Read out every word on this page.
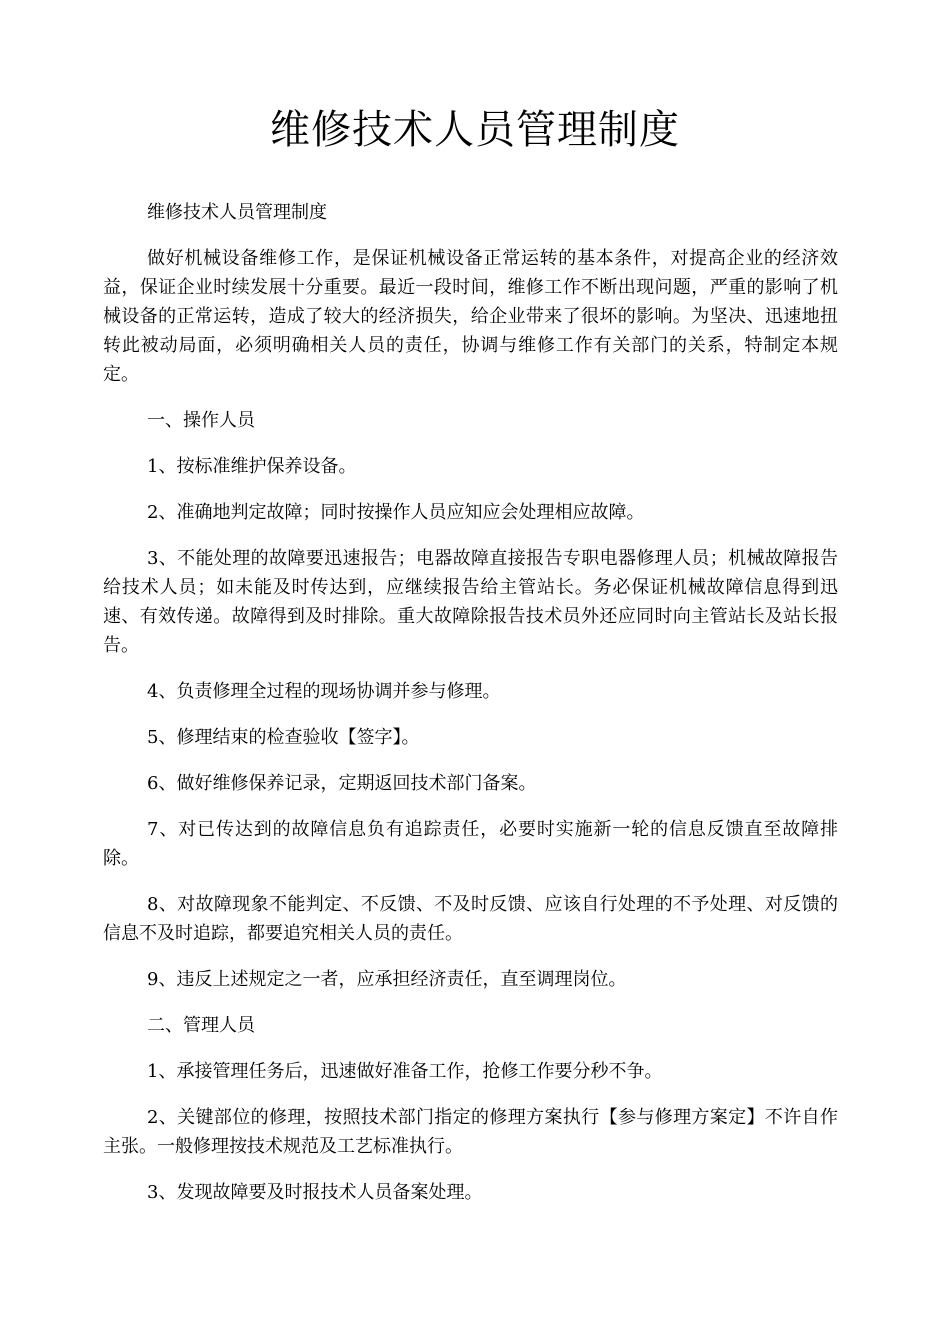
维修技术人员管理制度

维修技术人员管理制度

做好机械设备维修工作，是保证机械设备正常运转的基本条件，对提高企业的经济效益，保证企业时续发展十分重要。最近一段时间，维修工作不断出现问题，严重的影响了机械设备的正常运转，造成了较大的经济损失，给企业带来了很坏的影响。为坚决、迅速地扭转此被动局面，必须明确相关人员的责任，协调与维修工作有关部门的关系，特制定本规定。

一、操作人员

1、按标准维护保养设备。

2、准确地判定故障；同时按操作人员应知应会处理相应故障。

3、不能处理的故障要迅速报告；电器故障直接报告专职电器修理人员；机械故障报告给技术人员；如未能及时传达到，应继续报告给主管站长。务必保证机械故障信息得到迅速、有效传递。故障得到及时排除。重大故障除报告技术员外还应同时向主管站长及站长报告。

4、负责修理全过程的现场协调并参与修理。

5、修理结束的检查验收【签字】。

6、做好维修保养记录，定期返回技术部门备案。

7、对已传达到的故障信息负有追踪责任，必要时实施新一轮的信息反馈直至故障排除。

8、对故障现象不能判定、不反馈、不及时反馈、应该自行处理的不予处理、对反馈的信息不及时追踪，都要追究相关人员的责任。

9、违反上述规定之一者，应承担经济责任，直至调理岗位。

二、管理人员

1、承接管理任务后，迅速做好准备工作，抢修工作要分秒不争。

2、关键部位的修理，按照技术部门指定的修理方案执行【参与修理方案定】不许自作主张。一般修理按技术规范及工艺标准执行。

3、发现故障要及时报技术人员备案处理。
